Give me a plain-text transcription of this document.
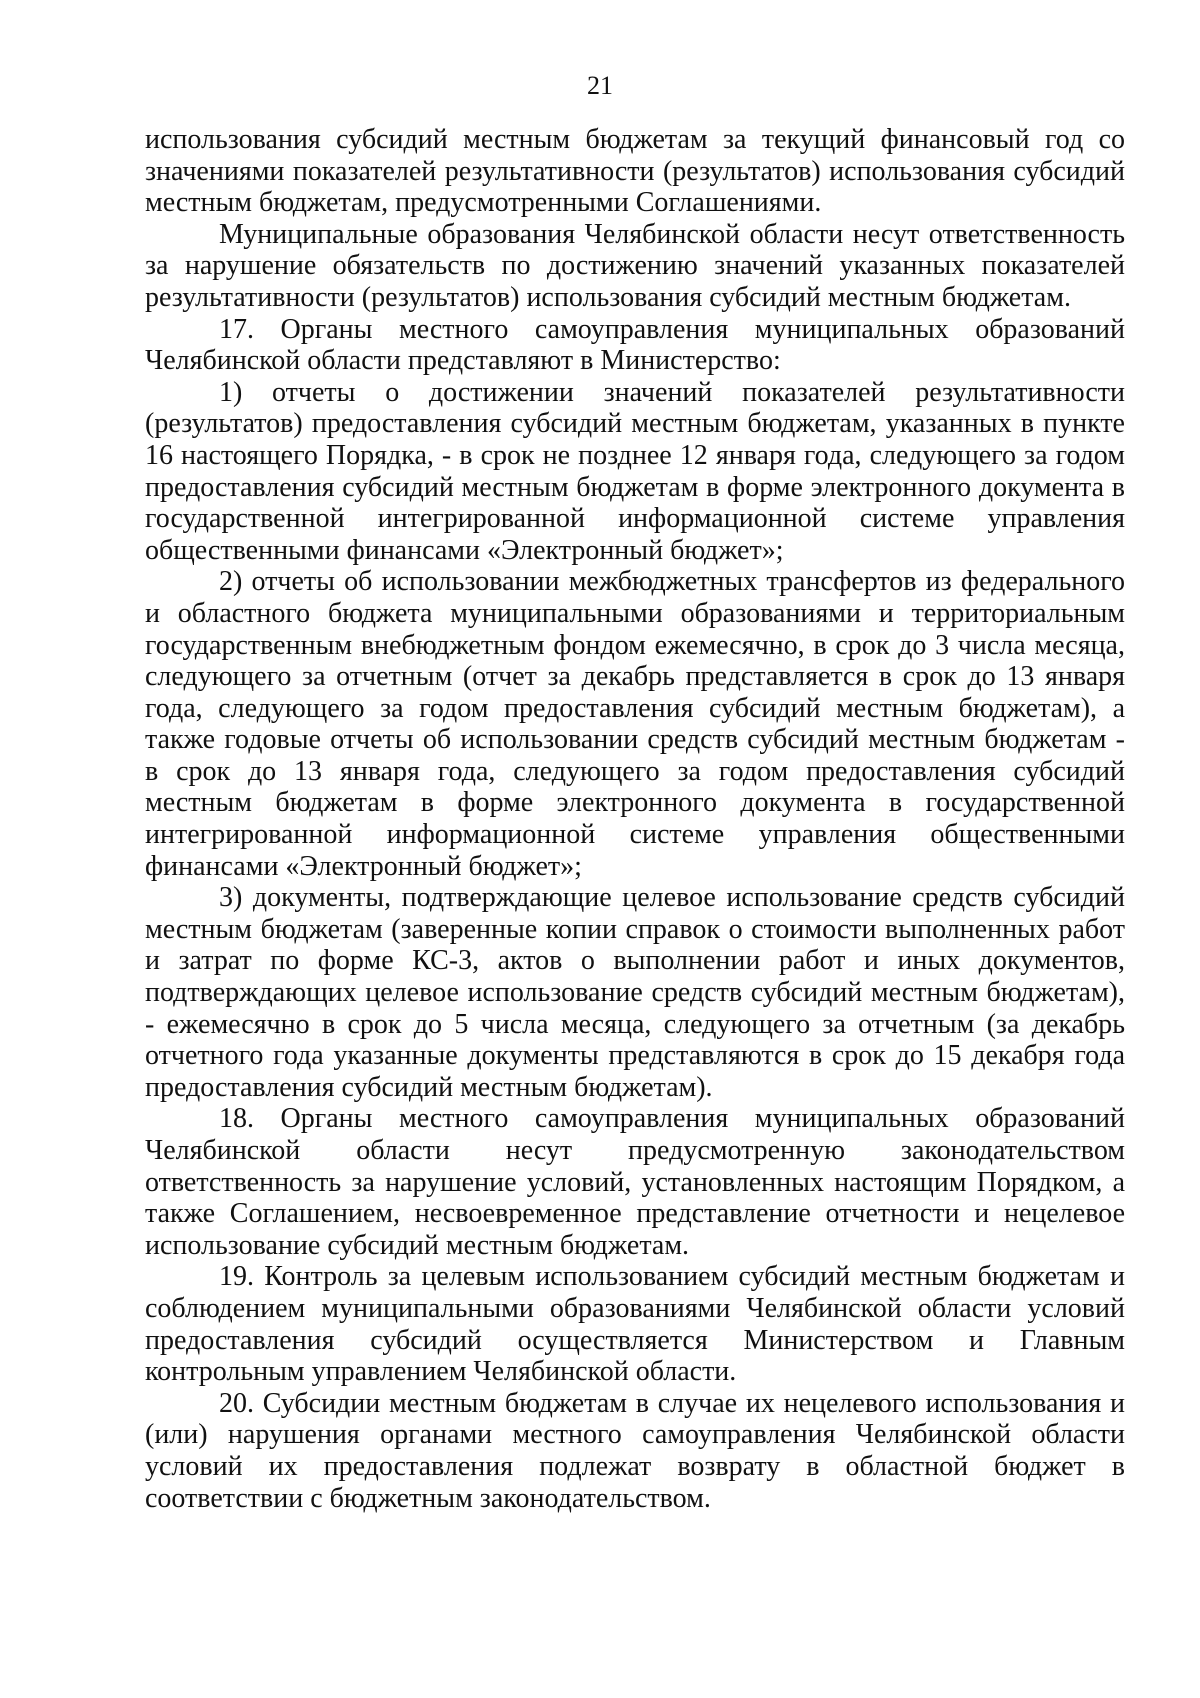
21

использования субсидий местным бюджетам за текущий финансовый год со значениями показателей результативности (результатов) использования субсидий местным бюджетам, предусмотренными Соглашениями.

Муниципальные образования Челябинской области несут ответственность за нарушение обязательств по достижению значений указанных показателей результативности (результатов) использования субсидий местным бюджетам.

17. Органы местного самоуправления муниципальных образований Челябинской области представляют в Министерство:

1) отчеты о достижении значений показателей результативности (результатов) предоставления субсидий местным бюджетам, указанных в пункте 16 настоящего Порядка, - в срок не позднее 12 января года, следующего за годом предоставления субсидий местным бюджетам в форме электронного документа в государственной интегрированной информационной системе управления общественными финансами «Электронный бюджет»;

2) отчеты об использовании межбюджетных трансфертов из федерального и областного бюджета муниципальными образованиями и территориальным государственным внебюджетным фондом ежемесячно, в срок до 3 числа месяца, следующего за отчетным (отчет за декабрь представляется в срок до 13 января года, следующего за годом предоставления субсидий местным бюджетам), а также годовые отчеты об использовании средств субсидий местным бюджетам - в срок до 13 января года, следующего за годом предоставления субсидий местным бюджетам в форме электронного документа в государственной интегрированной информационной системе управления общественными финансами «Электронный бюджет»;

3) документы, подтверждающие целевое использование средств субсидий местным бюджетам (заверенные копии справок о стоимости выполненных работ и затрат по форме КС-3, актов о выполнении работ и иных документов, подтверждающих целевое использование средств субсидий местным бюджетам), - ежемесячно в срок до 5 числа месяца, следующего за отчетным (за декабрь отчетного года указанные документы представляются в срок до 15 декабря года предоставления субсидий местным бюджетам).

18. Органы местного самоуправления муниципальных образований Челябинской области несут предусмотренную законодательством ответственность за нарушение условий, установленных настоящим Порядком, а также Соглашением, несвоевременное представление отчетности и нецелевое использование субсидий местным бюджетам.

19. Контроль за целевым использованием субсидий местным бюджетам и соблюдением муниципальными образованиями Челябинской области условий предоставления субсидий осуществляется Министерством и Главным контрольным управлением Челябинской области.

20. Субсидии местным бюджетам в случае их нецелевого использования и (или) нарушения органами местного самоуправления Челябинской области условий их предоставления подлежат возврату в областной бюджет в соответствии с бюджетным законодательством.
